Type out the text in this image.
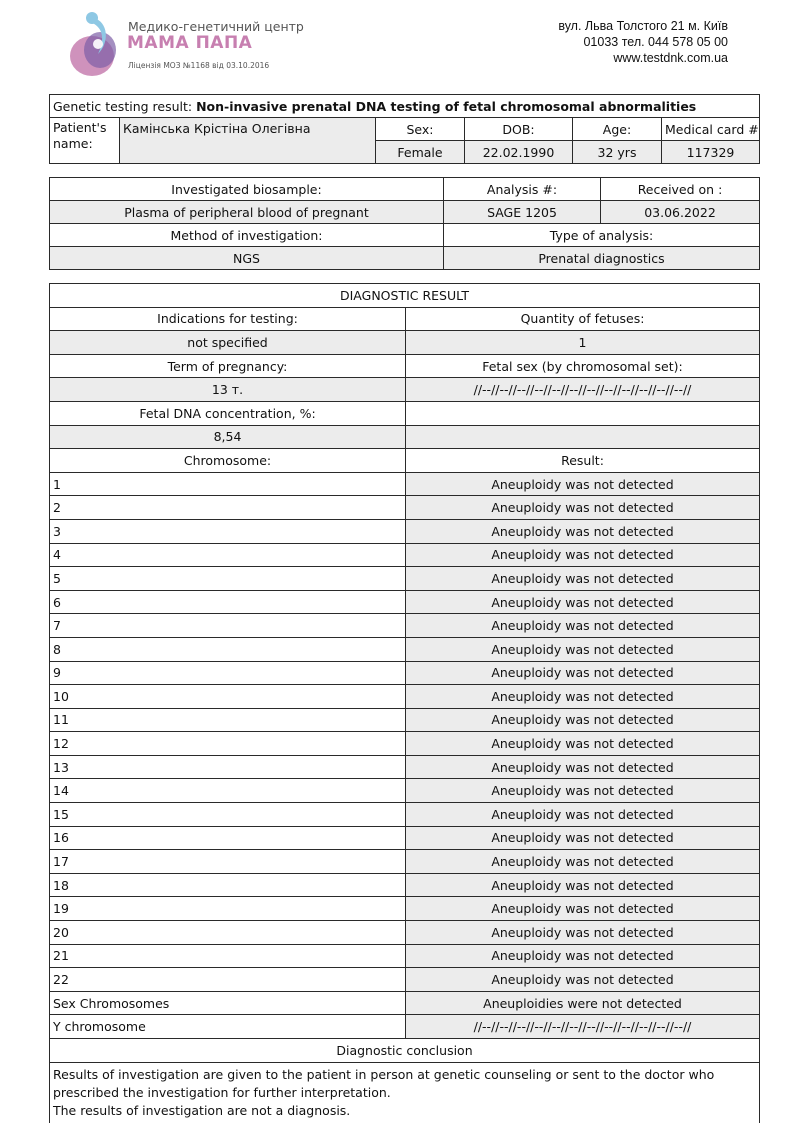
Медико-генетичний центр
МАМА ПАПА
Ліцензія МОЗ №1168 від 03.10.2016
вул. Льва Толстого 21 м. Київ
01033 тел. 044 578 05 00
www.testdnk.com.ua
Genetic testing result: Non-invasive prenatal DNA testing of fetal chromosomal abnormalities					
Patient's name:	Камінська Крістіна Олегівна	Sex:	DOB:	Age:	Medical card #
		Female	22.02.1990	32 yrs	117329
Investigated biosample:	Analysis #:	Received on :
Plasma of peripheral blood of pregnant	SAGE 1205	03.06.2022
Method of investigation:	Type of analysis:	
NGS	Prenatal diagnostics	
DIAGNOSTIC RESULT	
Indications for testing:	Quantity of fetuses:
not specified	1
Term of pregnancy:	Fetal sex (by chromosomal set):
13 т.	//--//--//--//--//--//--//--//--//--//--//--//--//
Fetal DNA concentration, %:	
8,54	
Chromosome:	Result:
1	Aneuploidy was not detected
2	Aneuploidy was not detected
3	Aneuploidy was not detected
4	Aneuploidy was not detected
5	Aneuploidy was not detected
6	Aneuploidy was not detected
7	Aneuploidy was not detected
8	Aneuploidy was not detected
9	Aneuploidy was not detected
10	Aneuploidy was not detected
11	Aneuploidy was not detected
12	Aneuploidy was not detected
13	Aneuploidy was not detected
14	Aneuploidy was not detected
15	Aneuploidy was not detected
16	Aneuploidy was not detected
17	Aneuploidy was not detected
18	Aneuploidy was not detected
19	Aneuploidy was not detected
20	Aneuploidy was not detected
21	Aneuploidy was not detected
22	Aneuploidy was not detected
Sex Chromosomes	Aneuploidies were not detected
Y chromosome	//--//--//--//--//--//--//--//--//--//--//--//--//
Diagnostic conclusion	

Results of investigation are given to the patient in person at genetic counseling or sent to the doctor who prescribed the investigation for further interpretation.
The results of investigation are not a diagnosis.	
